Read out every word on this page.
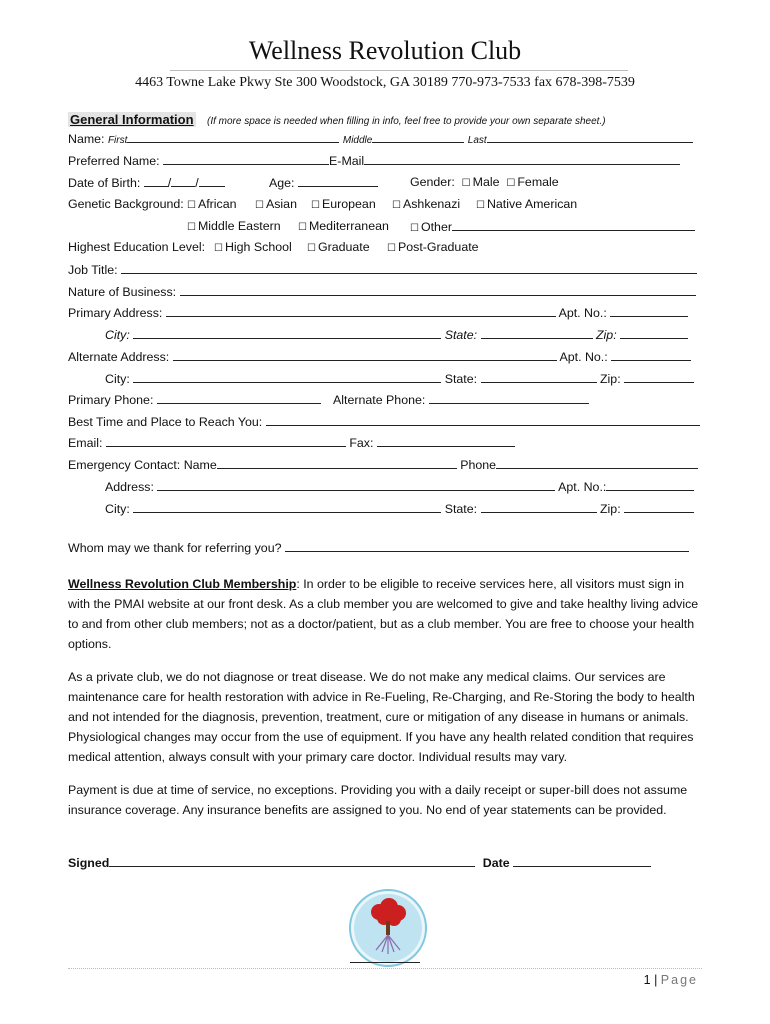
Wellness Revolution Club
4463 Towne Lake Pkwy Ste 300 Woodstock, GA 30189 770-973-7533 fax 678-398-7539
General Information (If more space is needed when filling in info, feel free to provide your own separate sheet.)
Name: First	Middle	Last
Preferred Name:	E-Mail
Date of Birth: / /	Age:	Gender: ☐ Male ☐ Female
Genetic Background: ☐ African ☐ Asian ☐ European ☐ Ashkenazi ☐ Native American
☐ Middle Eastern ☐ Mediterranean ☐ Other
Highest Education Level: ☐ High School ☐ Graduate ☐ Post-Graduate
Job Title:
Nature of Business:
Primary Address:	Apt. No.:
City:	State:	Zip:
Alternate Address:	Apt. No.:
City:	State:	Zip:
Primary Phone:	Alternate Phone:
Best Time and Place to Reach You:
Email:	Fax:
Emergency Contact: Name	Phone
Address:	Apt. No.:
City:	State:	Zip:
Whom may we thank for referring you?
Wellness Revolution Club Membership: In order to be eligible to receive services here, all visitors must sign in with the PMAI website at our front desk. As a club member you are welcomed to give and take healthy living advice to and from other club members; not as a doctor/patient, but as a club member. You are free to choose your health options.
As a private club, we do not diagnose or treat disease. We do not make any medical claims. Our services are maintenance care for health restoration with advice in Re-Fueling, Re-Charging, and Re-Storing the body to health and not intended for the diagnosis, prevention, treatment, cure or mitigation of any disease in humans or animals. Physiological changes may occur from the use of equipment. If you have any health related condition that requires medical attention, always consult with your primary care doctor. Individual results may vary.
Payment is due at time of service, no exceptions. Providing you with a daily receipt or super-bill does not assume insurance coverage. Any insurance benefits are assigned to you. No end of year statements can be provided.
Signed	Date
1 | Page
